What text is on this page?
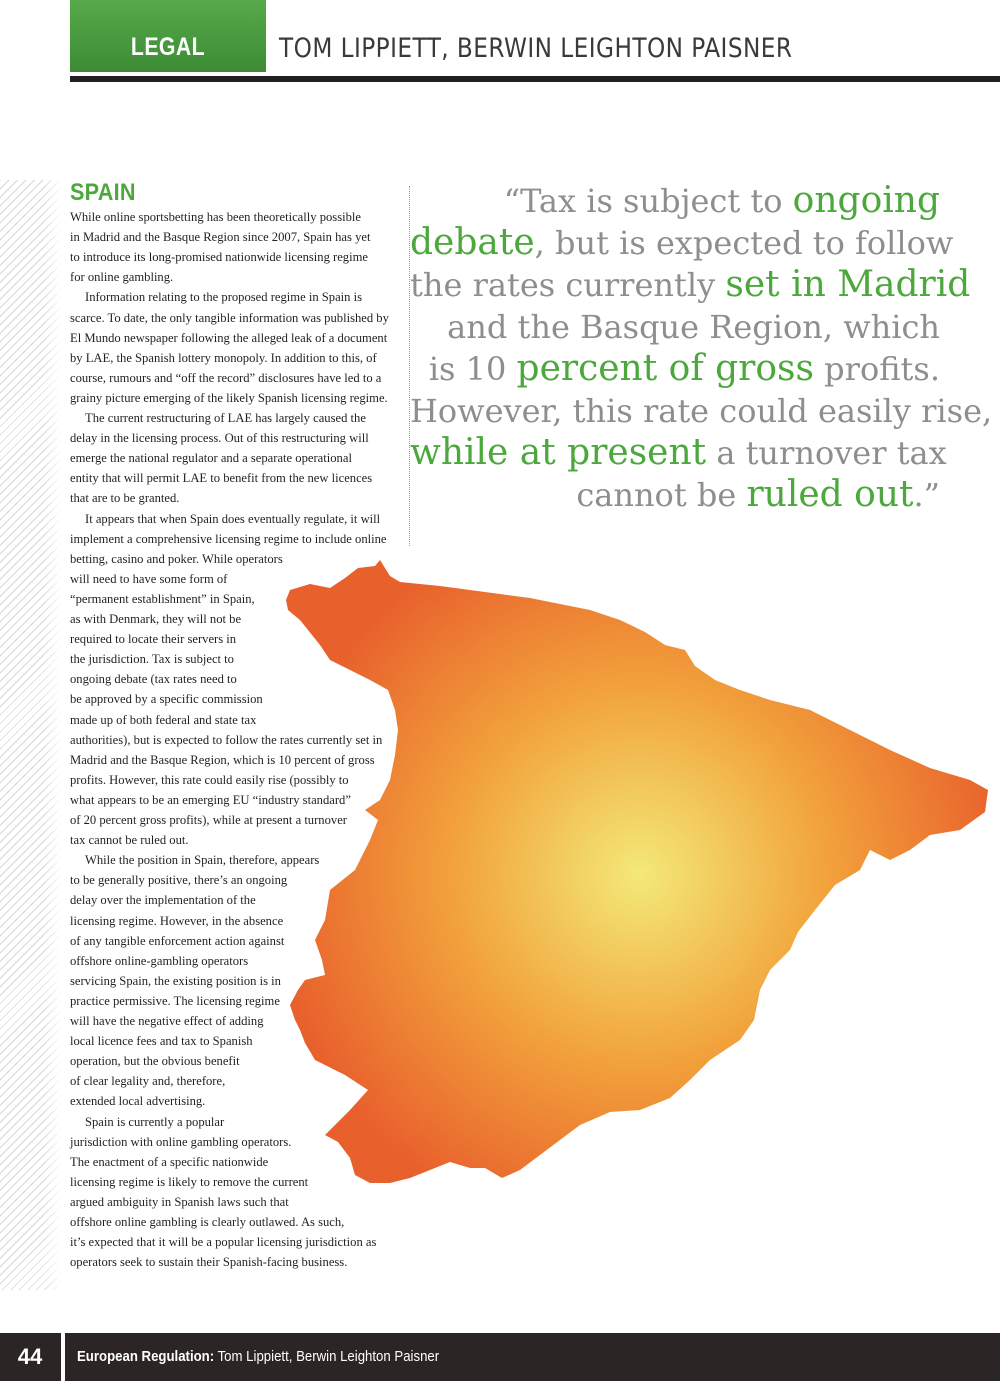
LEGAL	TOM LIPPIETT, BERWIN LEIGHTON PAISNER
SPAIN
While online sportsbetting has been theoretically possible
in Madrid and the Basque Region since 2007, Spain has yet
to introduce its long-promised nationwide licensing regime
for online gambling.
Information relating to the proposed regime in Spain is
scarce. To date, the only tangible information was published by
El Mundo newspaper following the alleged leak of a document
by LAE, the Spanish lottery monopoly. In addition to this, of
course, rumours and “off the record” disclosures have led to a
grainy picture emerging of the likely Spanish licensing regime.
The current restructuring of LAE has largely caused the
delay in the licensing process. Out of this restructuring will
emerge the national regulator and a separate operational
entity that will permit LAE to benefit from the new licences
that are to be granted.
It appears that when Spain does eventually regulate, it will
implement a comprehensive licensing regime to include online
betting, casino and poker. While operators
will need to have some form of
“permanent establishment” in Spain,
as with Denmark, they will not be
required to locate their servers in
the jurisdiction. Tax is subject to
ongoing debate (tax rates need to
be approved by a specific commission
made up of both federal and state tax
authorities), but is expected to follow the rates currently set in
Madrid and the Basque Region, which is 10 percent of gross
profits. However, this rate could easily rise (possibly to
what appears to be an emerging EU “industry standard”
of 20 percent gross profits), while at present a turnover
tax cannot be ruled out.
While the position in Spain, therefore, appears
to be generally positive, there’s an ongoing
delay over the implementation of the
licensing regime. However, in the absence
of any tangible enforcement action against
offshore online-gambling operators
servicing Spain, the existing position is in
practice permissive. The licensing regime
will have the negative effect of adding
local licence fees and tax to Spanish
operation, but the obvious benefit
of clear legality and, therefore,
extended local advertising.
Spain is currently a popular
jurisdiction with online gambling operators.
The enactment of a specific nationwide
licensing regime is likely to remove the current
argued ambiguity in Spanish laws such that
offshore online gambling is clearly outlawed. As such,
it’s expected that it will be a popular licensing jurisdiction as
operators seek to sustain their Spanish-facing business.
“Tax is subject to ongoing
debate, but is expected to follow
the rates currently set in Madrid
and the Basque Region, which
is 10 percent of gross profits.
However, this rate could easily rise,
while at present a turnover tax
cannot be ruled out.”
44	European Regulation: Tom Lippiett, Berwin Leighton Paisner
